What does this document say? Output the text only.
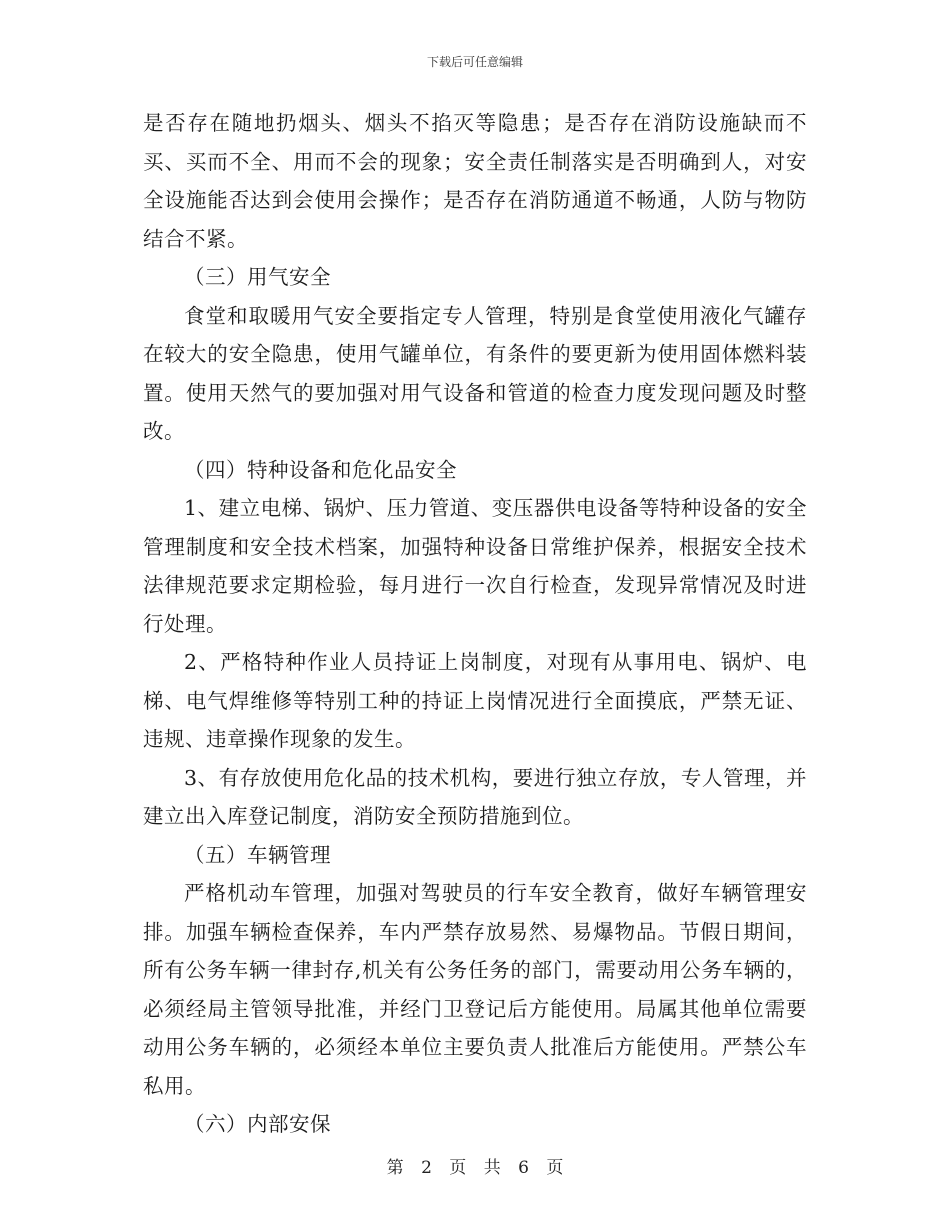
下载后可任意编辑

是否存在随地扔烟头、烟头不掐灭等隐患；是否存在消防设施缺而不买、买而不全、用而不会的现象；安全责任制落实是否明确到人，对安全设施能否达到会使用会操作；是否存在消防通道不畅通，人防与物防结合不紧。

（三）用气安全

食堂和取暖用气安全要指定专人管理，特别是食堂使用液化气罐存在较大的安全隐患，使用气罐单位，有条件的要更新为使用固体燃料装置。使用天然气的要加强对用气设备和管道的检查力度发现问题及时整改。

（四）特种设备和危化品安全

1、建立电梯、锅炉、压力管道、变压器供电设备等特种设备的安全管理制度和安全技术档案，加强特种设备日常维护保养，根据安全技术法律规范要求定期检验，每月进行一次自行检查，发现异常情况及时进行处理。

2、严格特种作业人员持证上岗制度，对现有从事用电、锅炉、电梯、电气焊维修等特别工种的持证上岗情况进行全面摸底，严禁无证、违规、违章操作现象的发生。

3、有存放使用危化品的技术机构，要进行独立存放，专人管理，并建立出入库登记制度，消防安全预防措施到位。

（五）车辆管理

严格机动车管理，加强对驾驶员的行车安全教育，做好车辆管理安排。加强车辆检查保养，车内严禁存放易然、易爆物品。节假日期间，所有公务车辆一律封存,机关有公务任务的部门，需要动用公务车辆的，必须经局主管领导批准，并经门卫登记后方能使用。局属其他单位需要动用公务车辆的，必须经本单位主要负责人批准后方能使用。严禁公车私用。

（六）内部安保

第 2 页 共 6 页
